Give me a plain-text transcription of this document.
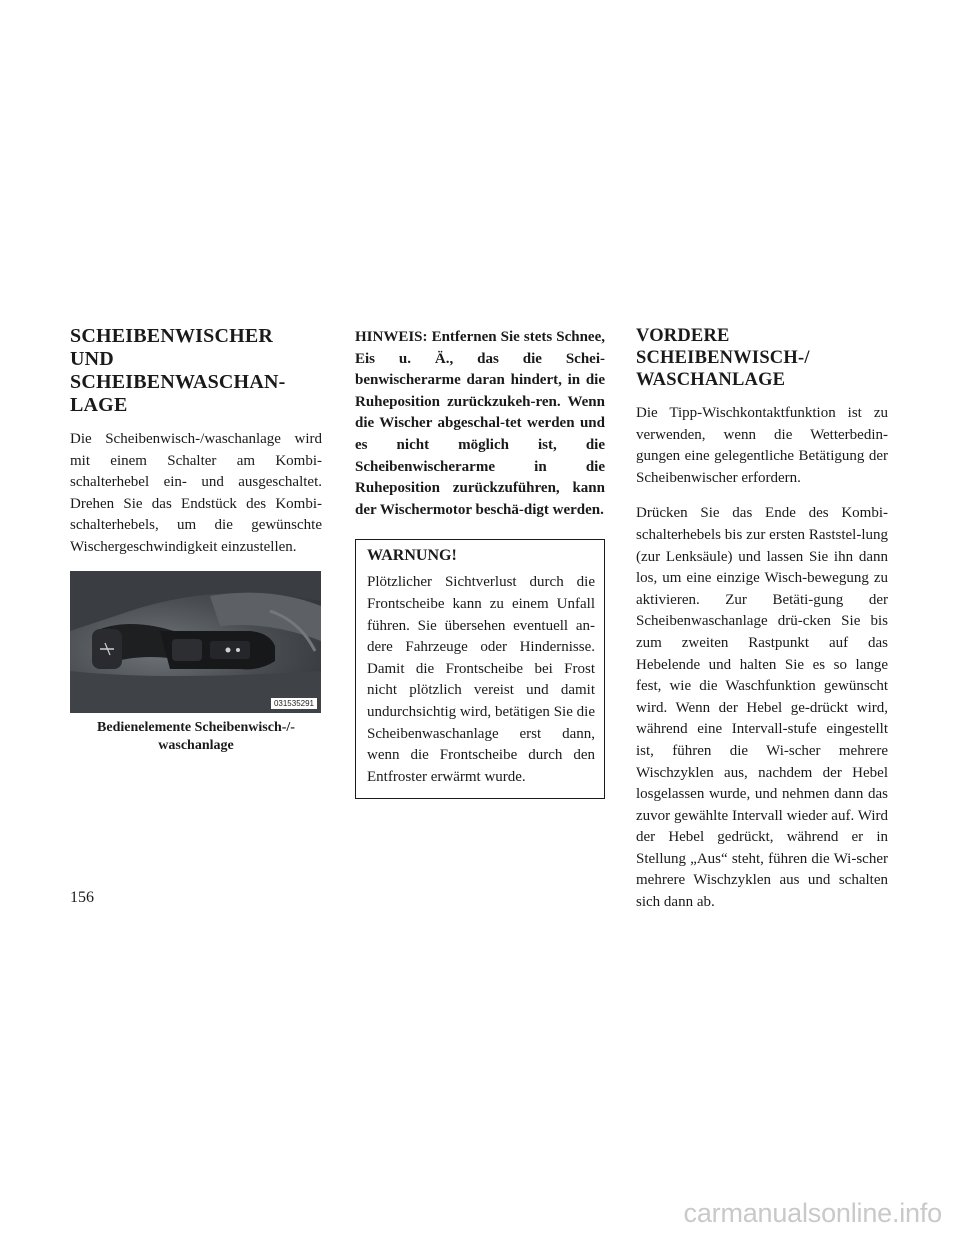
SCHEIBENWISCHER UND
SCHEIBENWASCHAN-
LAGE

Die Scheibenwisch-/waschanlage wird mit einem Schalter am Kombi-schalterhebel ein- und ausgeschaltet. Drehen Sie das Endstück des Kombi-schalterhebels, um die gewünschte Wischergeschwindigkeit einzustellen.

031535291
Bedienelemente Scheibenwisch-/-
waschanlage

HINWEIS: Entfernen Sie stets Schnee, Eis u. Ä., das die Schei-benwischerarme daran hindert, in die Ruheposition zurückzukeh-ren. Wenn die Wischer abgeschal-tet werden und es nicht möglich ist, die Scheibenwischerarme in die Ruheposition zurückzuführen, kann der Wischermotor beschä-digt werden.

WARNUNG!

Plötzlicher Sichtverlust durch die Frontscheibe kann zu einem Unfall führen. Sie übersehen eventuell an-dere Fahrzeuge oder Hindernisse. Damit die Frontscheibe bei Frost nicht plötzlich vereist und damit undurchsichtig wird, betätigen Sie die Scheibenwaschanlage erst dann, wenn die Frontscheibe durch den Entfroster erwärmt wurde.

VORDERE
SCHEIBENWISCH-/
WASCHANLAGE

Die Tipp-Wischkontaktfunktion ist zu verwenden, wenn die Wetterbedin-gungen eine gelegentliche Betätigung der Scheibenwischer erfordern.

Drücken Sie das Ende des Kombi-schalterhebels bis zur ersten Raststel-lung (zur Lenksäule) und lassen Sie ihn dann los, um eine einzige Wisch-bewegung zu aktivieren. Zur Betäti-gung der Scheibenwaschanlage drü-cken Sie bis zum zweiten Rastpunkt auf das Hebelende und halten Sie es so lange fest, wie die Waschfunktion gewünscht wird. Wenn der Hebel ge-drückt wird, während eine Intervall-stufe eingestellt ist, führen die Wi-scher mehrere Wischzyklen aus, nachdem der Hebel losgelassen wurde, und nehmen dann das zuvor gewählte Intervall wieder auf. Wird der Hebel gedrückt, während er in Stellung „Aus“ steht, führen die Wi-scher mehrere Wischzyklen aus und schalten sich dann ab.

156
carmanualsonline.info
